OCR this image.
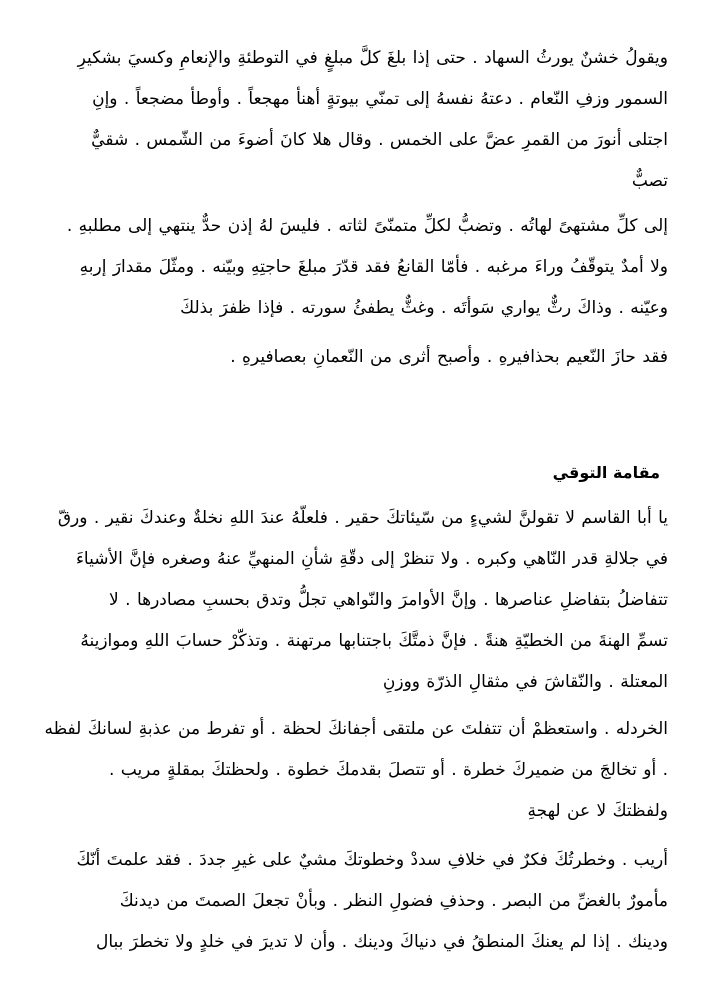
ويقولُ خشنٌ يورثُ السهاد . حتى إذا بلغَ كلَّ مبلغٍ في التوطئةِ والإنعامِ وكسيَ بشكيرِ
السمور وزفِ النّعام . دعتهُ نفسهُ إلى تمنّي بيوتةٍ أهنأ مهجعاً . وأوطأ مضجعاً . وإنِ
اجتلى أنورَ من القمرِ عضَّ على الخمس . وقال هلا كانَ أضوءَ من الشّمس . شقيٌّ
تصبٌّ

إلى كلِّ مشتهىً لهاتُه . وتضبُّ لكلِّ متمنّىً لثاته . فليسَ لهُ إذن حدٌّ ينتهي إلى مطلبهِ .
ولا أمدٌ يتوقّفُ وراءَ مرغبه . فأمّا القانعُ فقد قدّرَ مبلغَ حاجتِهِ وبيّنه . ومثّلَ مقدارَ إربهِ
وعيّنه . وذاكَ رثٌّ يواري سَوأتَه . وغثٌّ يطفئُ سورته . فإذا ظفرَ بذلكَ

فقد حازَ النّعيم بحذافيرهِ . وأصبح أثرى من النّعمانِ بعصافيرهِ .

مقامة التوقي

يا أبا القاسم لا تقولنَّ لشيءٍ من سّيئاتكَ حقير . فلعلّهُ عندَ اللهِ نخلةٌ وعندكَ نقير . ورقّ
في جلالةِ قدر النّاهي وكبره . ولا تنظرْ إلى دقّةِ شأنِ المنهيِّ عنهُ وصغره فإنَّ الأشياءَ
تتفاضلُ بتفاضلِ عناصرها . وإنَّ الأوامرَ والنّواهي تجلُّ وتدق بحسبِ مصادرها . لا
تسمِّ الهنةَ من الخطيّةِ هنةً . فإنَّ ذمتَّكَ باجتنابها مرتهنة . وتذكّرْ حسابَ اللهِ وموازينهُ
المعتلة . والنّقاشَ في مثقالِ الذرّة ووزنِ

الخردله . واستعظمْ أن تتفلتَ عن ملتقى أجفانكَ لحظة . أو تفرط من عذبةِ لسانكَ لفظه
. أو تخالجَ من ضميركَ خطرة . أو تتصلَ بقدمكَ خطوة . ولحظتكَ بمقلةٍ مريب .
ولفظتكَ لا عن لهجةِ

أريب . وخطرتُكَ فكرٌ في خلافِ سددْ وخطوتكَ مشيٌ على غيرِ جددَ . فقد علمتَ أنّكَ
مأمورٌ بالغضِّ من البصر . وحذفِ فضولِ النظر . وبأنْ تجعلَ الصمتَ من ديدنكَ
ودينك . إذا لم يعنكَ المنطقُ في دنياكَ ودينك . وأن لا تديرَ في خلدٍ ولا تخطرَ ببال
